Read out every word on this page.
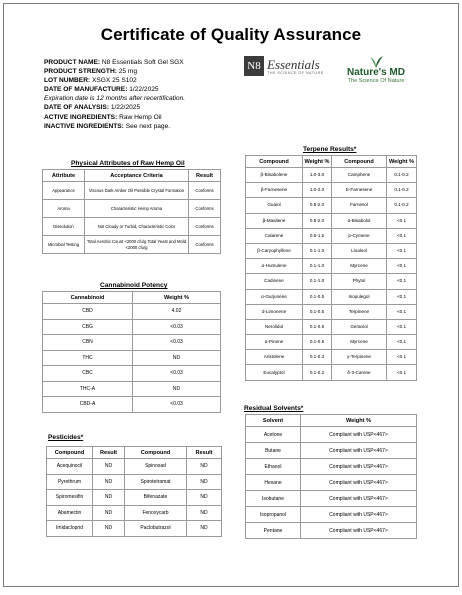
Certificate of Quality Assurance
PRODUCT NAME: N8 Essentials Soft Gel SGX
PRODUCT STRENGTH: 25 mg
LOT NUMBER: XSGX 25 S102
DATE OF MANUFACTURE: 1/22/2025
Expiration date is 12 months after recertification.
DATE OF ANALYSIS: 1/22/2025
ACTIVE INGREDIENTS: Raw Hemp Oil
INACTIVE INGREDIENTS: See next page.
N8 Essentials
THE SCIENCE OF NATURE	Nature's MD
The Science Of Nature
Physical Attributes of Raw Hemp Oil
Attribute	Acceptance Criteria	Result
Appearance	Viscous Dark Amber Oil Possible Crystal Formation	Conforms
Aroma	Characteristic Hemp Aroma	Conforms
Dissolution	Not Cloudy or Turbid, Characteristic Color	Conforms
Microbial Testing	Total Aerobic Count <2000 cfu/g Total Yeast and Mold <2000 cfu/g	Conforms
Cannabinoid Potency
Cannabinoid	Weight %
CBD	4.02
CBG	<0.03
CBN	<0.03
THC	ND
CBC	<0.03
THC-A	ND
CBD-A	<0.03
Pesticides*
Compound	Result	Compound	Result
Acequinocil	ND	Spinosad	ND
Pyrethrum	ND	Spirotetramat	ND
Spiromesifin	ND	Bifenazate	ND
Abamectin	ND	Fenoxycarb	ND
Imidacloprid	ND	Paclobutrazol	ND
Terpene Results*
Compound	Weight %	Compound	Weight %
β-Bisabolene	1.0-3.0	Camphene	0.1-0.2
β-Farnesene	1.0-2.0	E-Farnesene	0.1-0.2
Guaiol	0.5-2.0	Farnesol	0.1-0.2
β-Maaliene	0.5-2.0	α-Bisabolol	<0.1
Calarene	0.5-1.5	p-Cymene	<0.1
β-Caryophyllene	0.1-1.0	Linalool	<0.1
α-Humulene	0.1-1.0	Myrcene	<0.1
Cadinene	0.1-1.0	Phytol	<0.1
α-Gurjunene	0.1-0.5	Isopulegol	<0.1
d-Limonene	0.1-0.5	Terpinene	<0.1
Nerolidol	0.1-0.5	Geraniol	<0.1
α-Pinene	0.1-0.5	Myrcene	<0.1
Aristolene	0.1-0.3	γ-Terpinene	<0.1
Eucalyptol	0.1-0.2	δ-3-Carene	<0.1
Residual Solvents*
Solvent	Weight %
Acetone	Compliant with USP<467>
Butane	Compliant with USP<467>
Ethanol	Compliant with USP<467>
Hexane	Compliant with USP<467>
Isobutane	Compliant with USP<467>
Isopropanol	Compliant with USP<467>
Pentane	Compliant with USP<467>
